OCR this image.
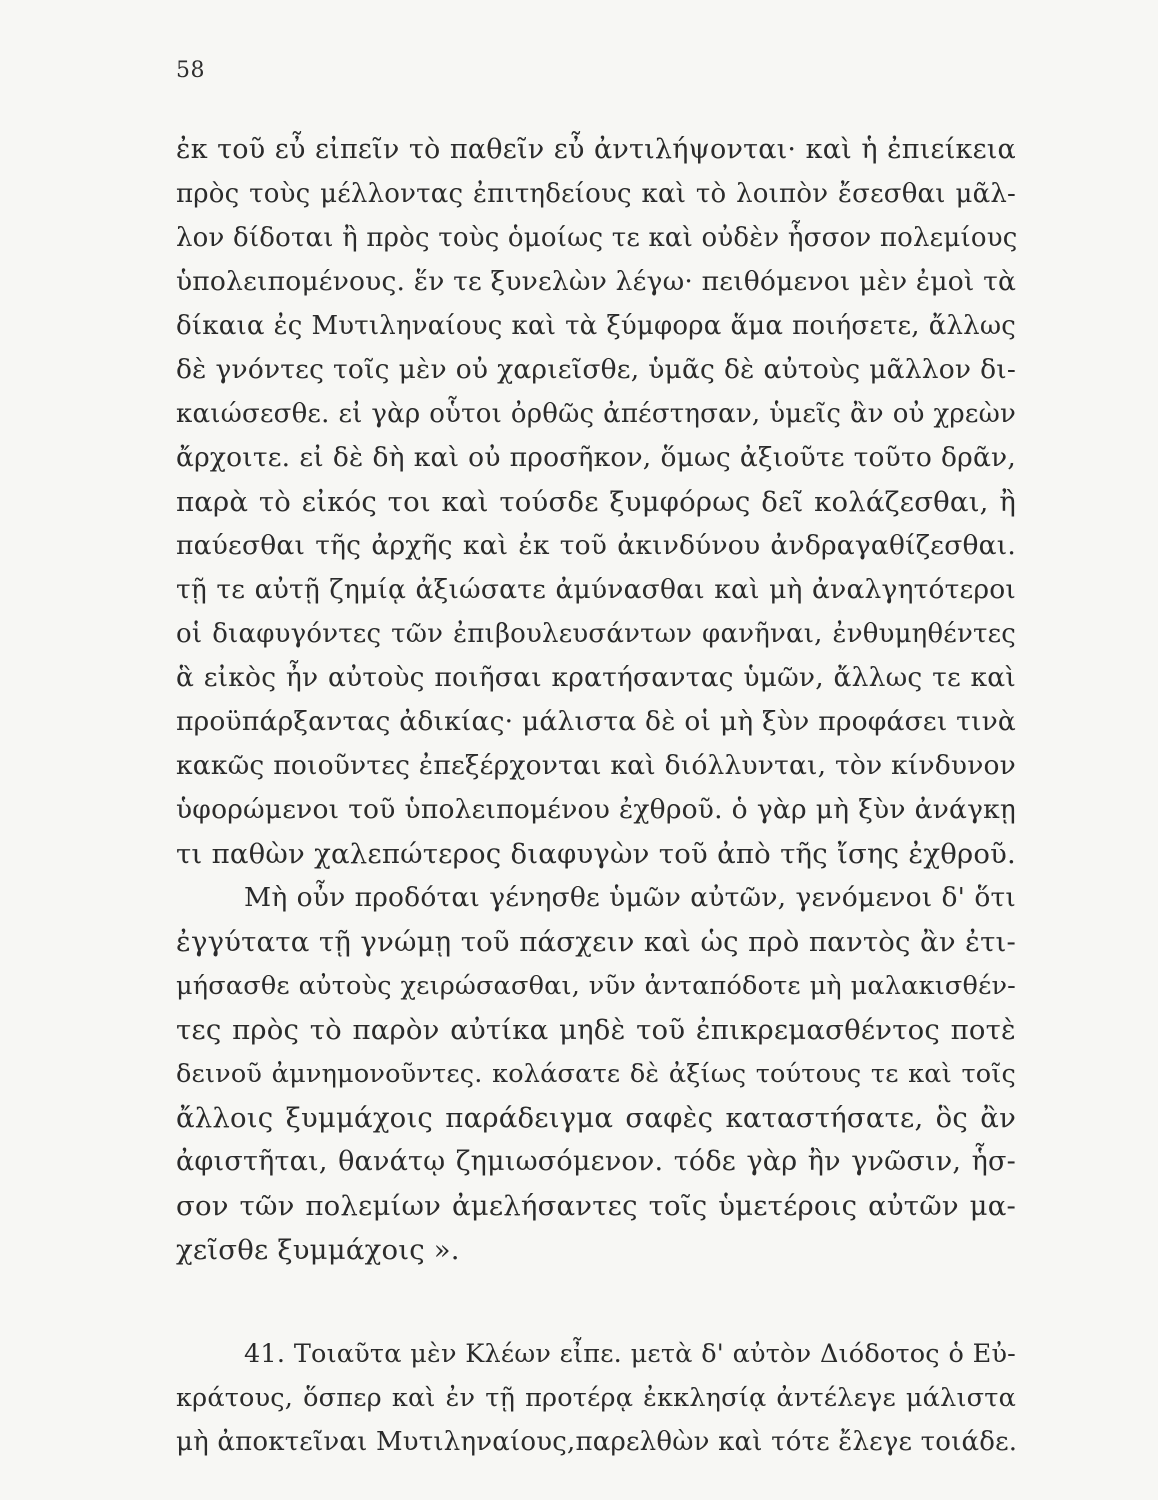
58
ἐκ τοῦ εὖ εἰπεῖν τὸ παθεῖν εὖ ἀντιλήψονται· καὶ ἡ ἐπιείκεια
πρὸς τοὺς μέλλοντας ἐπιτηδείους καὶ τὸ λοιπὸν ἔσεσθαι μᾶλ-
λον δίδοται ἢ πρὸς τοὺς ὁμοίως τε καὶ οὐδὲν ἧσσον πολεμίους
ὑπολειπομένους. ἕν τε ξυνελὼν λέγω· πειθόμενοι μὲν ἐμοὶ τὰ
δίκαια ἐς Μυτιληναίους καὶ τὰ ξύμφορα ἅμα ποιήσετε, ἄλλως
δὲ γνόντες τοῖς μὲν οὐ χαριεῖσθε, ὑμᾶς δὲ αὐτοὺς μᾶλλον δι-
καιώσεσθε. εἰ γὰρ οὗτοι ὀρθῶς ἀπέστησαν, ὑμεῖς ἂν οὐ χρεὼν
ἄρχοιτε. εἰ δὲ δὴ καὶ οὐ προσῆκον, ὅμως ἀξιοῦτε τοῦτο δρᾶν,
παρὰ τὸ εἰκός τοι καὶ τούσδε ξυμφόρως δεῖ κολάζεσθαι, ἢ
παύεσθαι τῆς ἀρχῆς καὶ ἐκ τοῦ ἀκινδύνου ἀνδραγαθίζεσθαι.
τῇ τε αὐτῇ ζημίᾳ ἀξιώσατε ἀμύνασθαι καὶ μὴ ἀναλγητότεροι
οἱ διαφυγόντες τῶν ἐπιβουλευσάντων φανῆναι, ἐνθυμηθέντες
ἃ εἰκὸς ἦν αὐτοὺς ποιῆσαι κρατήσαντας ὑμῶν, ἄλλως τε καὶ
προϋπάρξαντας ἀδικίας· μάλιστα δὲ οἱ μὴ ξὺν προφάσει τινὰ
κακῶς ποιοῦντες ἐπεξέρχονται καὶ διόλλυνται, τὸν κίνδυνον
ὑφορώμενοι τοῦ ὑπολειπομένου ἐχθροῦ. ὁ γὰρ μὴ ξὺν ἀνάγκῃ
τι παθὼν χαλεπώτερος διαφυγὼν τοῦ ἀπὸ τῆς ἴσης ἐχθροῦ.
Μὴ οὖν προδόται γένησθε ὑμῶν αὐτῶν, γενόμενοι δ' ὅτι
ἐγγύτατα τῇ γνώμῃ τοῦ πάσχειν καὶ ὡς πρὸ παντὸς ἂν ἐτι-
μήσασθε αὐτοὺς χειρώσασθαι, νῦν ἀνταπόδοτε μὴ μαλακισθέν-
τες πρὸς τὸ παρὸν αὐτίκα μηδὲ τοῦ ἐπικρεμασθέντος ποτὲ
δεινοῦ ἀμνημονοῦντες. κολάσατε δὲ ἀξίως τούτους τε καὶ τοῖς
ἄλλοις ξυμμάχοις παράδειγμα σαφὲς καταστήσατε, ὃς ἂν
ἀφιστῆται, θανάτῳ ζημιωσόμενον. τόδε γὰρ ἢν γνῶσιν, ἧσ-
σον τῶν πολεμίων ἀμελήσαντες τοῖς ὑμετέροις αὐτῶν μα-
χεῖσθε ξυμμάχοις ».
41. Τοιαῦτα μὲν Κλέων εἶπε. μετὰ δ' αὐτὸν Διόδοτος ὁ Εὐ-
κράτους, ὅσπερ καὶ ἐν τῇ προτέρᾳ ἐκκλησίᾳ ἀντέλεγε μάλιστα
μὴ ἀποκτεῖναι Μυτιληναίους,παρελθὼν καὶ τότε ἔλεγε τοιάδε.
